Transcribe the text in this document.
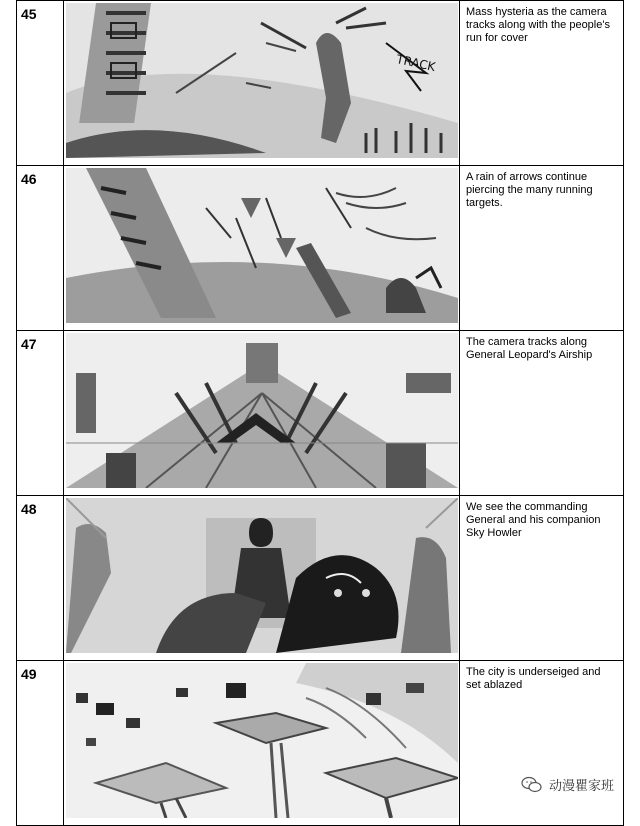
45	TRACK	Mass hysteria as the camera tracks along with the people's run for cover
46		A rain of arrows continue piercing the many running targets.
47		The camera tracks along General Leopard's Airship
48		We see the commanding General and his companion Sky Howler
49		The city is underseiged and set ablazed
动漫瞿家班
